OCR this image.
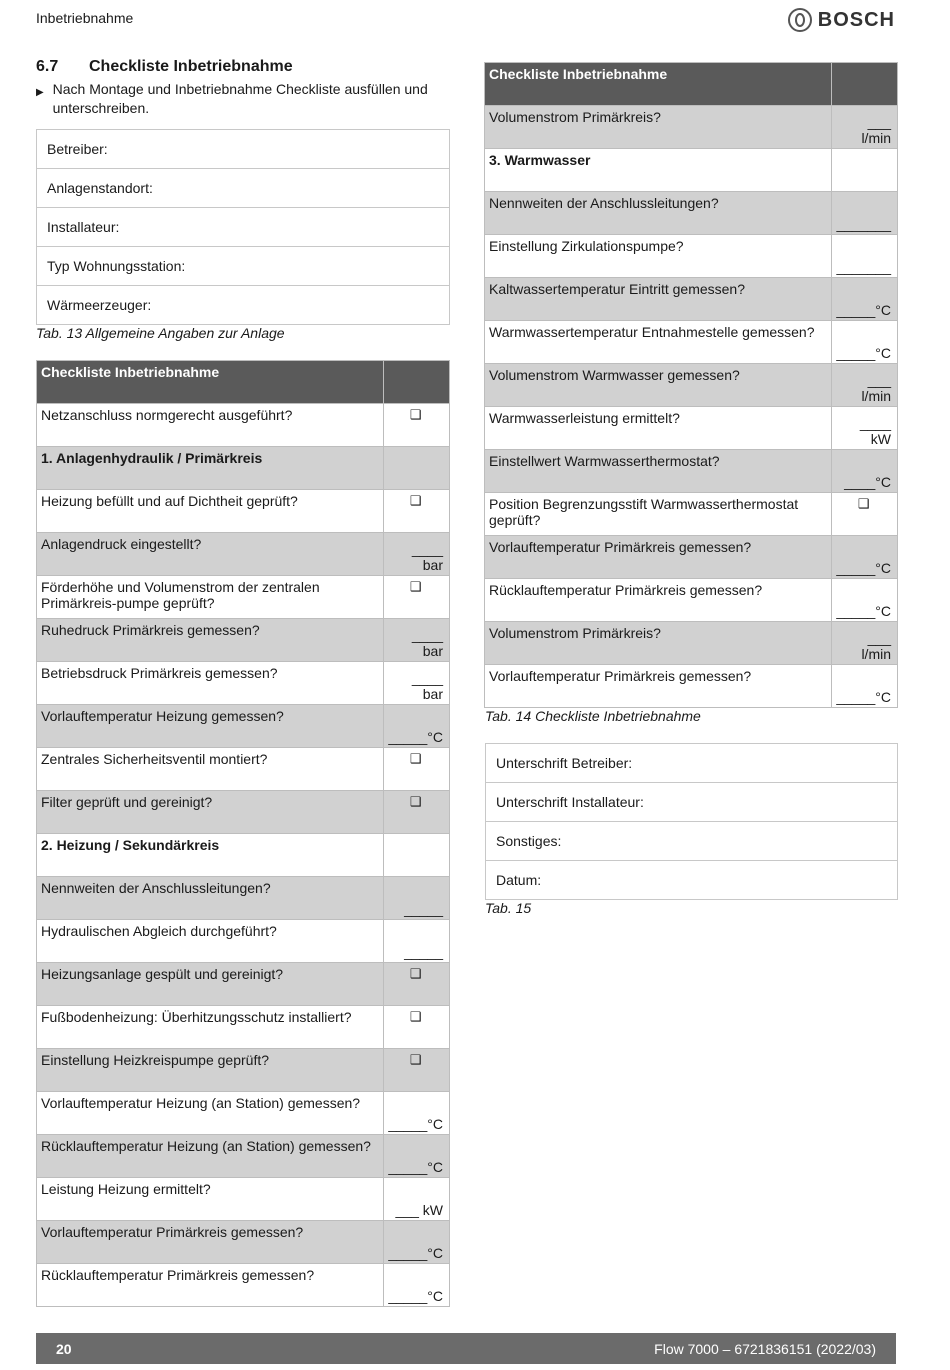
Inbetriebnahme	BOSCH
6.7	Checkliste Inbetriebnahme
▶ Nach Montage und Inbetriebnahme Checkliste ausfüllen und unterschreiben.
Betreiber:
Anlagenstandort:
Installateur:
Typ Wohnungsstation:
Wärmeerzeuger:
Tab. 13 Allgemeine Angaben zur Anlage
Checkliste Inbetriebnahme	
Netzanschluss normgerecht ausgeführt?	❑
1. Anlagenhydraulik / Primärkreis	
Heizung befüllt und auf Dichtheit geprüft?	❑
Anlagendruck eingestellt?	____ bar
Förderhöhe und Volumenstrom der zentralen Primärkreis-pumpe geprüft?	❑
Ruhedruck Primärkreis gemessen?	____ bar
Betriebsdruck Primärkreis gemessen?	____ bar
Vorlauftemperatur Heizung gemessen?	_____°C
Zentrales Sicherheitsventil montiert?	❑
Filter geprüft und gereinigt?	❑
2. Heizung / Sekundärkreis	
Nennweiten der Anschlussleitungen?	_____
Hydraulischen Abgleich durchgeführt?	_____
Heizungsanlage gespült und gereinigt?	❑
Fußbodenheizung: Überhitzungsschutz installiert?	❑
Einstellung Heizkreispumpe geprüft?	❑
Vorlauftemperatur Heizung (an Station) gemessen?	_____°C
Rücklauftemperatur Heizung (an Station) gemessen?	_____°C
Leistung Heizung ermittelt?	___ kW
Vorlauftemperatur Primärkreis gemessen?	_____°C
Rücklauftemperatur Primärkreis gemessen?	_____°C
Checkliste Inbetriebnahme	
Volumenstrom Primärkreis?	___ l/min
3. Warmwasser	
Nennweiten der Anschlussleitungen?	_______
Einstellung Zirkulationspumpe?	_______
Kaltwassertemperatur Eintritt gemessen?	_____°C
Warmwassertemperatur Entnahmestelle gemessen?	_____°C
Volumenstrom Warmwasser gemessen?	___ l/min
Warmwasserleistung ermittelt?	____ kW
Einstellwert Warmwasserthermostat?	____°C
Position Begrenzungsstift Warmwasserthermostat geprüft?	❑
Vorlauftemperatur Primärkreis gemessen?	_____°C
Rücklauftemperatur Primärkreis gemessen?	_____°C
Volumenstrom Primärkreis?	___ l/min
Vorlauftemperatur Primärkreis gemessen?	_____°C
Tab. 14 Checkliste Inbetriebnahme
Unterschrift Betreiber:
Unterschrift Installateur:
Sonstiges:
Datum:
Tab. 15
20	Flow 7000 – 6721836151 (2022/03)
